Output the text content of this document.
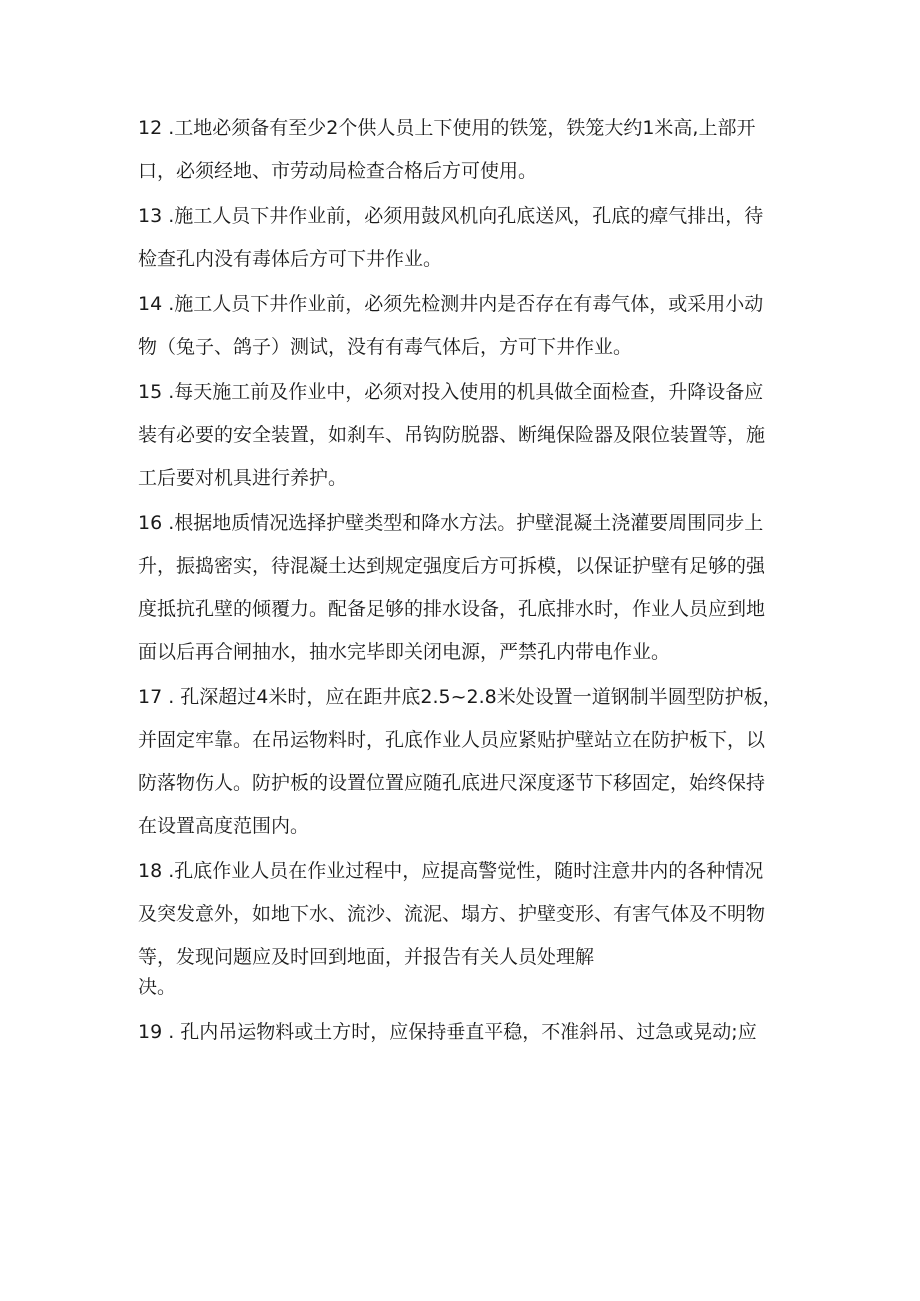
12 .工地必须备有至少2个供人员上下使用的铁笼，铁笼大约1米高,上部开
口，必须经地、市劳动局检查合格后方可使用。
13 .施工人员下井作业前，必须用鼓风机向孔底送风，孔底的瘴气排出，待
检查孔内没有毒体后方可下井作业。
14 .施工人员下井作业前，必须先检测井内是否存在有毒气体，或采用小动
物（兔子、鸽子）测试，没有有毒气体后，方可下井作业。
15 .每天施工前及作业中，必须对投入使用的机具做全面检查，升降设备应
装有必要的安全装置，如刹车、吊钩防脱器、断绳保险器及限位装置等，施
工后要对机具进行养护。
16 .根据地质情况选择护壁类型和降水方法。护壁混凝土浇灌要周围同步上
升，振捣密实，待混凝土达到规定强度后方可拆模，以保证护壁有足够的强
度抵抗孔壁的倾覆力。配备足够的排水设备，孔底排水时，作业人员应到地
面以后再合闸抽水，抽水完毕即关闭电源，严禁孔内带电作业。
17 . 孔深超过4米时，应在距井底2.5~2.8米处设置一道钢制半圆型防护板，
并固定牢靠。在吊运物料时，孔底作业人员应紧贴护壁站立在防护板下，以
防落物伤人。防护板的设置位置应随孔底进尺深度逐节下移固定，始终保持
在设置高度范围内。
18 .孔底作业人员在作业过程中，应提高警觉性，随时注意井内的各种情况
及突发意外，如地下水、流沙、流泥、塌方、护壁变形、有害气体及不明物
等，发现问题应及时回到地面，并报告有关人员处理解
决。
19 . 孔内吊运物料或土方时，应保持垂直平稳，不准斜吊、过急或晃动;应
